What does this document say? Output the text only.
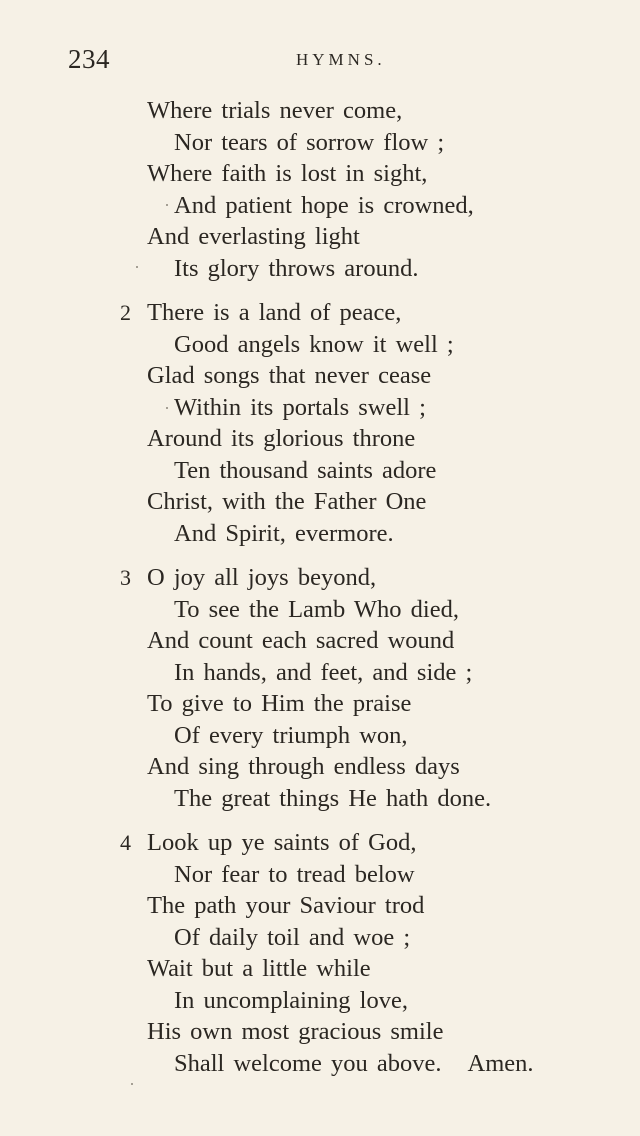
234	HYMNS.
Where trials never come,
Nor tears of sorrow flow ;
Where faith is lost in sight,
And patient hope is crowned,
And everlasting light
Its glory throws around.
2 There is a land of peace,
Good angels know it well ;
Glad songs that never cease
Within its portals swell ;
Around its glorious throne
Ten thousand saints adore
Christ, with the Father One
And Spirit, evermore.
3 O joy all joys beyond,
To see the Lamb Who died,
And count each sacred wound
In hands, and feet, and side ;
To give to Him the praise
Of every triumph won,
And sing through endless days
The great things He hath done.
4 Look up ye saints of God,
Nor fear to tread below
The path your Saviour trod
Of daily toil and woe ;
Wait but a little while
In uncomplaining love,
His own most gracious smile
Shall welcome you above. Amen.
